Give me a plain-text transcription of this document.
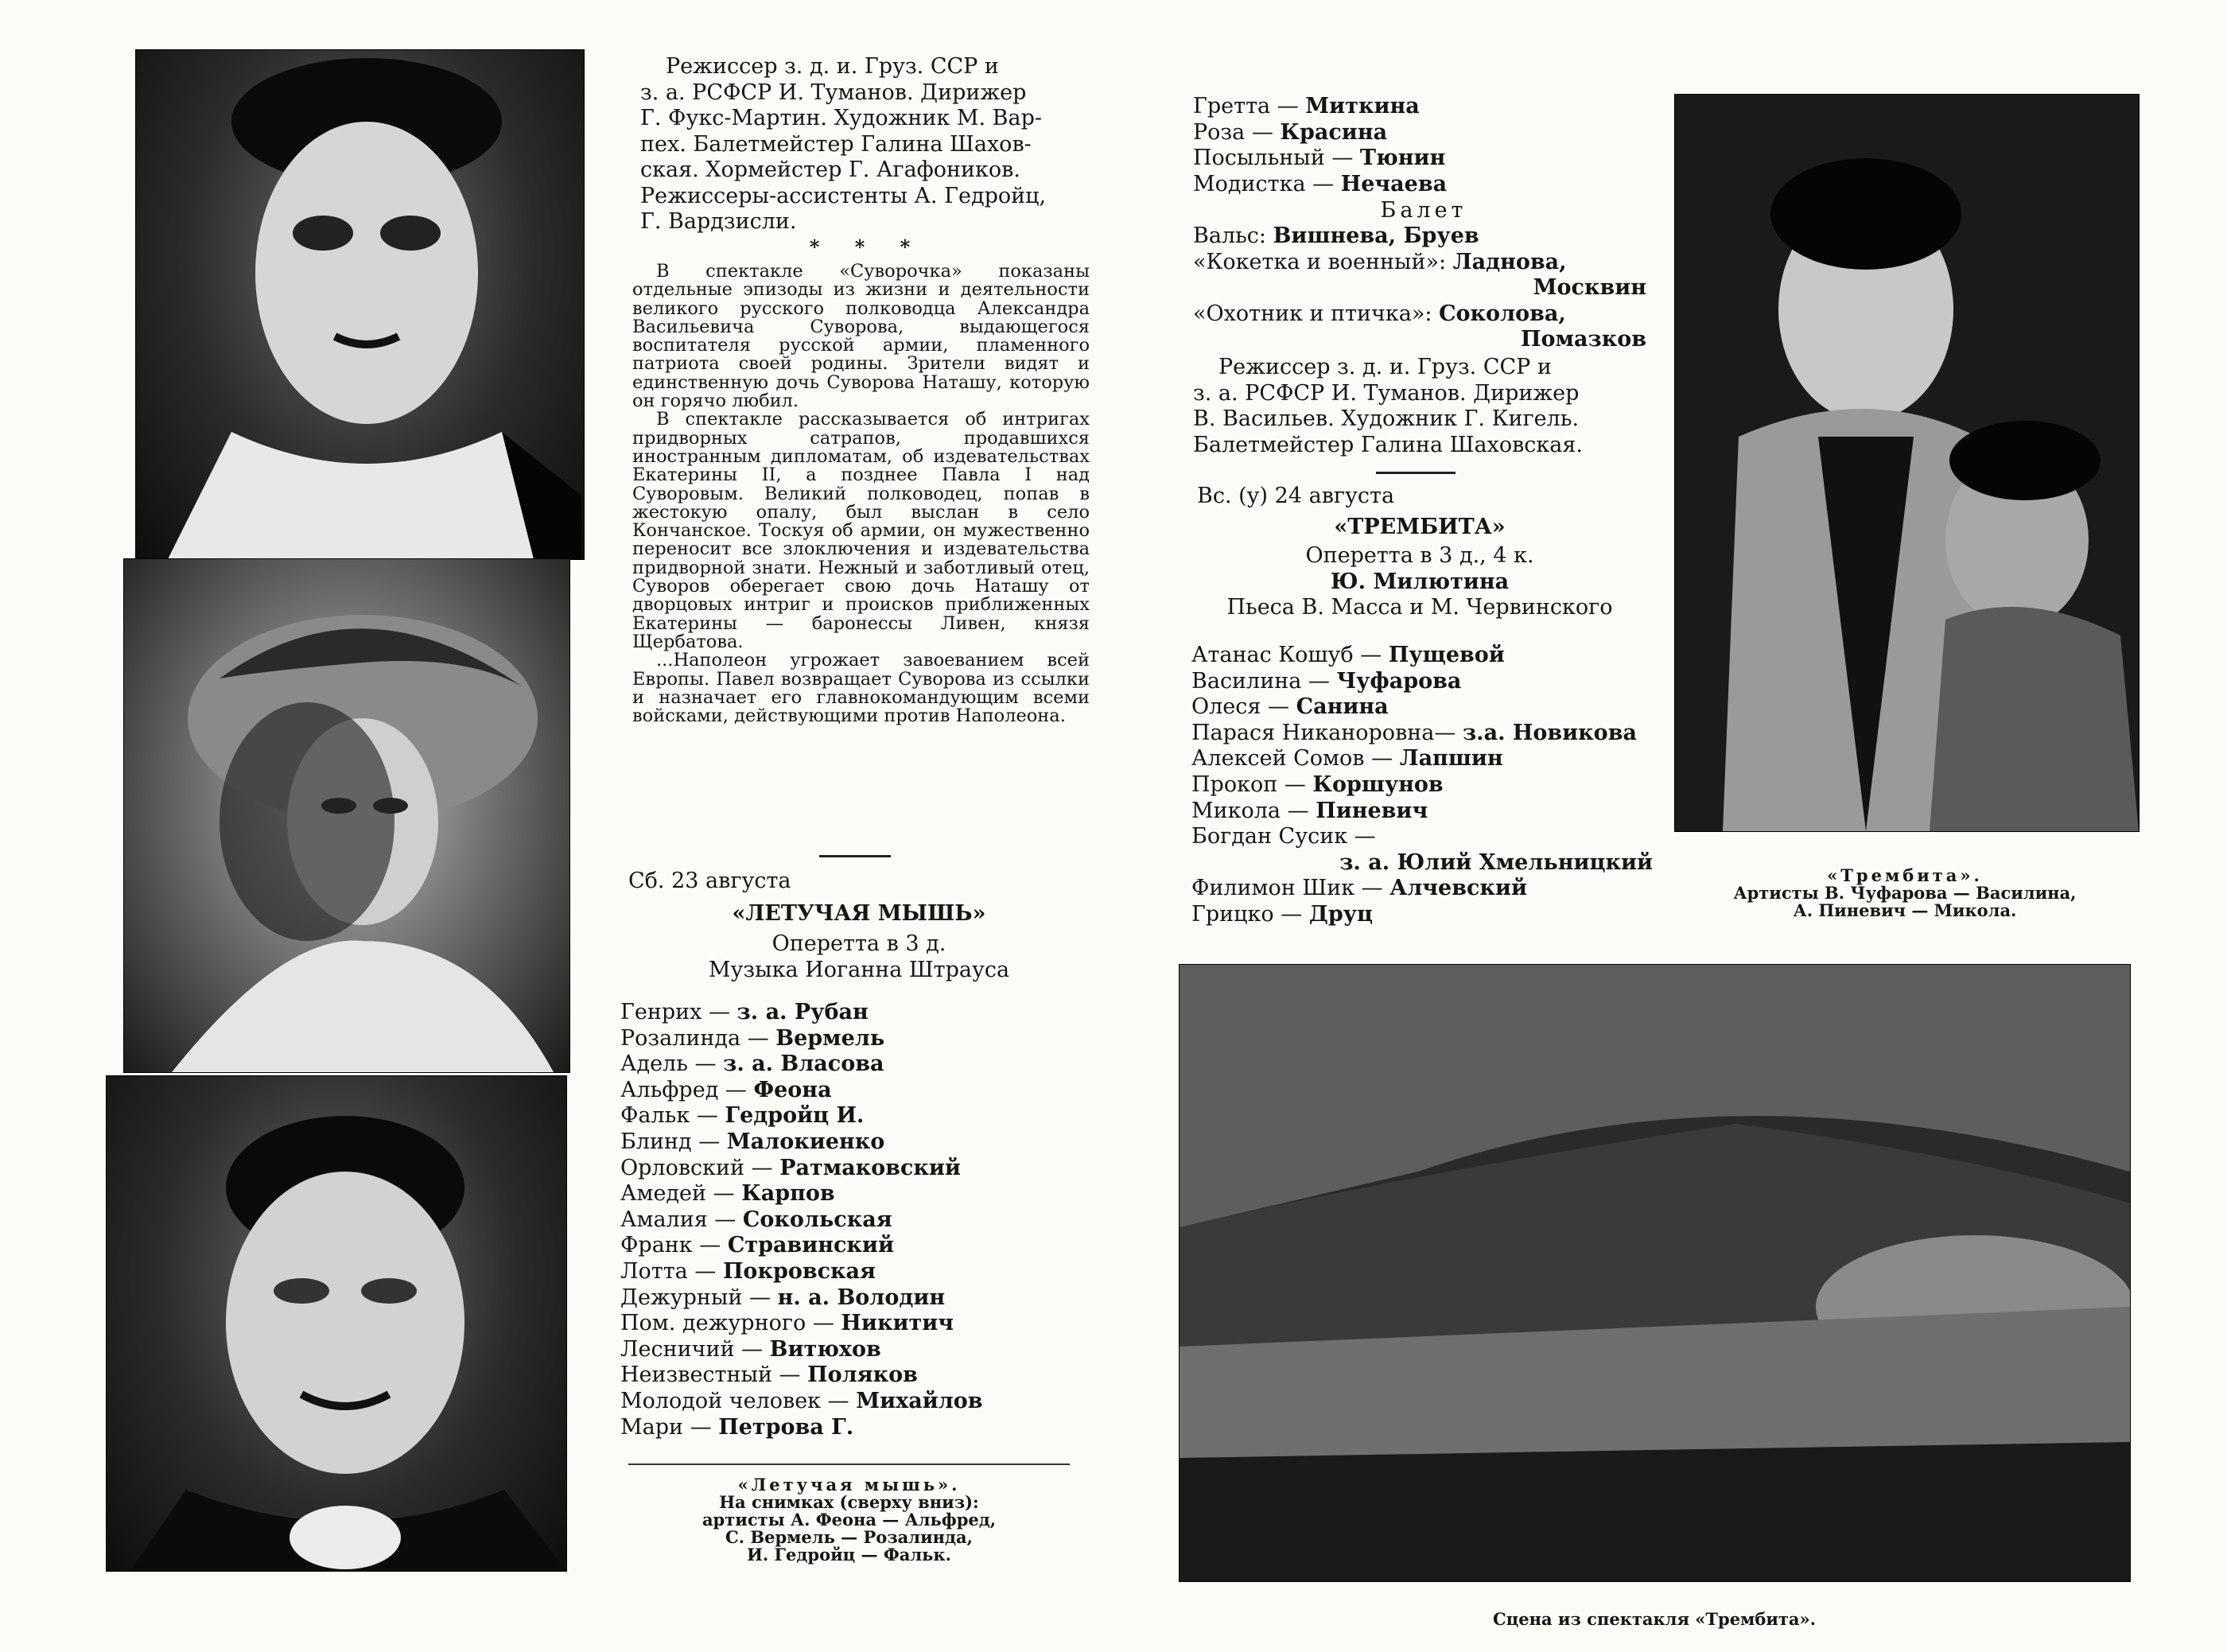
Режиссер з. д. и. Груз. ССР и

з. а. РСФСР И. Туманов. Дирижер

Г. Фукс-Мартин. Художник М. Вар-

пех. Балетмейстер Галина Шахов-

ская. Хормейстер Г. Агафоников.

Режиссеры-ассистенты А. Гедройц,

Г. Вардзисли.

* * *

В спектакле «Суворочка» показаны отдельные эпизоды из жизни и деятельности великого русского полководца Александра Васильевича Суворова, выдающегося воспитателя русской армии, пламенного патриота своей родины. Зрители видят и единственную дочь Суворова Наташу, которую он горячо любил.

В спектакле рассказывается об интригах придворных сатрапов, продавшихся иностранным дипломатам, об издевательствах Екатерины II, а позднее Павла I над Суворовым. Великий полководец, попав в жестокую опалу, был выслан в село Кончанское. Тоскуя об армии, он мужественно переносит все злоключения и издевательства придворной знати. Нежный и заботливый отец, Суворов оберегает свою дочь Наташу от дворцовых интриг и происков приближенных Екатерины — баронессы Ливен, князя Щербатова.

...Наполеон угрожает завоеванием всей Европы. Павел возвращает Суворова из ссылки и назначает его главнокомандующим всеми войсками, действующими против Наполеона.

Сб. 23 августа
«ЛЕТУЧАЯ МЫШЬ»
Оперетта в 3 д.
Музыка Иоганна Штрауса
Генрих — з. а. Рубан
Розалинда — Вермель
Адель — з. а. Власова
Альфред — Феона
Фальк — Гедройц И.
Блинд — Малокиенко
Орловский — Ратмаковский
Амедей — Карпов
Амалия — Сокольская
Франк — Стравинский
Лотта — Покровская
Дежурный — н. а. Володин
Пом. дежурного — Никитич
Лесничий — Витюхов
Неизвестный — Поляков
Молодой человек — Михайлов
Мари — Петрова Г.
«Летучая мышь».
На снимках (сверху вниз):
артисты А. Феона — Альфред,
С. Вермель — Розалинда,
И. Гедройц — Фальк.
Гретта — Миткина
Роза — Красина
Посыльный — Тюнин
Модистка — Нечаева
Балет
Вальс: Вишнева, Бруев
«Кокетка и военный»: Ладнова,
Москвин
«Охотник и птичка»: Соколова,
Помазков

Режиссер з. д. и. Груз. ССР и

з. а. РСФСР И. Туманов. Дирижер

В. Васильев. Художник Г. Кигель.

Балетмейстер Галина Шаховская.

Вс. (у) 24 августа
«ТРЕМБИТА»
Оперетта в 3 д., 4 к.
Ю. Милютина
Пьеса В. Масса и М. Червинского
Атанас Кошуб — Пущевой
Василина — Чуфарова
Олеся — Санина
Парася Никаноровна— з.а. Новикова
Алексей Сомов — Лапшин
Прокоп — Коршунов
Микола — Пиневич
Богдан Сусик —
з. а. Юлий Хмельницкий
Филимон Шик — Алчевский
Грицко — Друц
«Трембита».
Артисты В. Чуфарова — Василина,
А. Пиневич — Микола.
Сцена из спектакля «Трембита».
